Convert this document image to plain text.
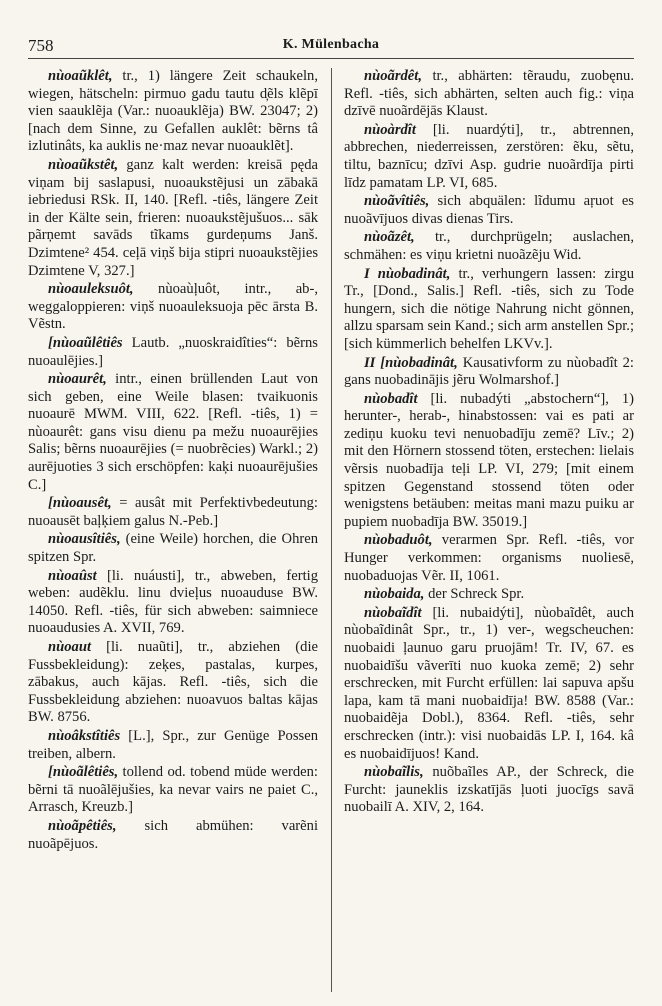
758	K. Mülenbacha

nùoaũklêt, tr., 1) längere Zeit schaukeln, wiegen, hätscheln: pirmuo gadu tautu d̦ẽls klẽpī vien saauklẽja (Var.: nuoauklẽja) BW. 23047; 2) [nach dem Sinne, zu Gefallen auklêt: bẽrns tâ izlutinâts, ka auklis ne·maz nevar nuoauklẽt].

nùoaũkstêt, ganz kalt werden: kreisā pęda viņam bij saslapusi, nuoaukstẽjusi un zābakā iebriedusi RSk. II, 140. [Refl. -tiês, längere Zeit in der Kälte sein, frieren: nuoaukstẽjušuos... sāk pãrņemt savāds tĩkams gurdeņums Janš. Dzimtene² 454. ceļā viņš bija stipri nuoaukstẽjies Dzimtene V, 327.]

nùoauleksuôt, nùoaùļuôt, intr., ab-, weggaloppieren: viņš nuoauleksuoja pēc ārsta B. Vẽstn.

[nùoaũlêtiês Lautb. „nuoskraidîties“: bẽrns nuoaulējies.]

nùoaurêt, intr., einen brüllenden Laut von sich geben, eine Weile blasen: tvaikuonis nuoaurē MWM. VIII, 622. [Refl. -tiês, 1) = nùoaurêt: gans visu dienu pa mežu nuoaurējies Salis; bẽrns nuoaurējies (= nuobrẽcies) Warkl.; 2) aurējuoties 3 sich erschöpfen: kaķi nuoaurējušies C.]

[nùoausêt, = ausât mit Perfektivbedeutung: nuoausēt baļķiem galus N.-Peb.]

nùoausîtiês, (eine Weile) horchen, die Ohren spitzen Spr.

nùoaûst [li. nuáusti], tr., abweben, fertig weben: audẽklu. linu dvieļus nuoauduse BW. 14050. Refl. -tiês, für sich abweben: saimniece nuoaudusies A. XVII, 769.

nùoaut [li. nuaũti], tr., abziehen (die Fussbekleidung): zeķes, pastalas, kurpes, zābakus, auch kājas. Refl. -tiês, sich die Fussbekleidung abziehen: nuoavuos baltas kājas BW. 8756.

nùoâkstîtiês [L.], Spr., zur Genüge Possen treiben, albern.

[nùoãlêtiês, tollend od. tobend müde werden: bẽrni tā nuoãlējušies, ka nevar vairs ne paiet C., Arrasch, Kreuzb.]

nùoãpêtiês, sich abmühen: varẽni nuoãpējuos.

nùoãrdêt, tr., abhärten: tẽraudu, zuobęnu. Refl. -tiês, sich abhärten, selten auch fig.: viņa dzīvē nuoãrdējās Klaust.

nùoàrdît [li. nuardýti], tr., abtrennen, abbrechen, niederreissen, zerstören: ẽku, sẽtu, tiltu, baznīcu; dzīvi Asp. gudrie nuoãrdīja pirti līdz pamatam LP. VI, 685.

nùoãvîtiês, sich abquälen: lĩdumu aŗuot es nuoãvījuos divas dienas Tirs.

nùoãzêt, tr., durchprügeln; auslachen, schmähen: es viņu krietni nuoãzẽju Wid.

I nùobadinât, tr., verhungern lassen: zirgu Tr., [Dond., Salis.] Refl. -tiês, sich zu Tode hungern, sich die nötige Nahrung nicht gönnen, allzu sparsam sein Kand.; sich arm anstellen Spr.; [sich kümmerlich behelfen LKVv.].

II [nùobadinât, Kausativform zu nùobadît 2: gans nuobadinājis jẽru Wolmarshof.]

nùobadît [li. nubadýti „abstochern“], 1) herunter-, herab-, hinabstossen: vai es pati ar zediņu kuoku tevi nenuobadīju zemē? Līv.; 2) mit den Hörnern stossend töten, erstechen: lielais vẽrsis nuobadīja teļi LP. VI, 279; [mit einem spitzen Gegenstand stossend töten oder wenigstens betäuben: meitas mani mazu puiku ar pupiem nuobadīja BW. 35019.]

nùobaduôt, verarmen Spr. Refl. -tiês, vor Hunger verkommen: organisms nuoliesē, nuobaduojas Vẽr. II, 1061.

nùobaida, der Schreck Spr.

nùobaĩdît [li. nubaidýti], nùobaĩdêt, auch nùobaĩdinât Spr., tr., 1) ver-, wegscheuchen: nuobaidi ļaunuo garu pruojām! Tr. IV, 67. es nuobaidīšu vãverīti nuo kuoka zemē; 2) sehr erschrecken, mit Furcht erfüllen: lai sapuva apšu lapa, kam tā mani nuobaidīja! BW. 8588 (Var.: nuobaidẽja Dobl.), 8364. Refl. -tiês, sehr erschrecken (intr.): visi nuobaidās LP. I, 164. kâ es nuobaidījuos! Kand.

nùobaĩlis, nuõbaĩles AP., der Schreck, die Furcht: jauneklis izskatījās ļuoti juocīgs savā nuobailī A. XIV, 2, 164.
